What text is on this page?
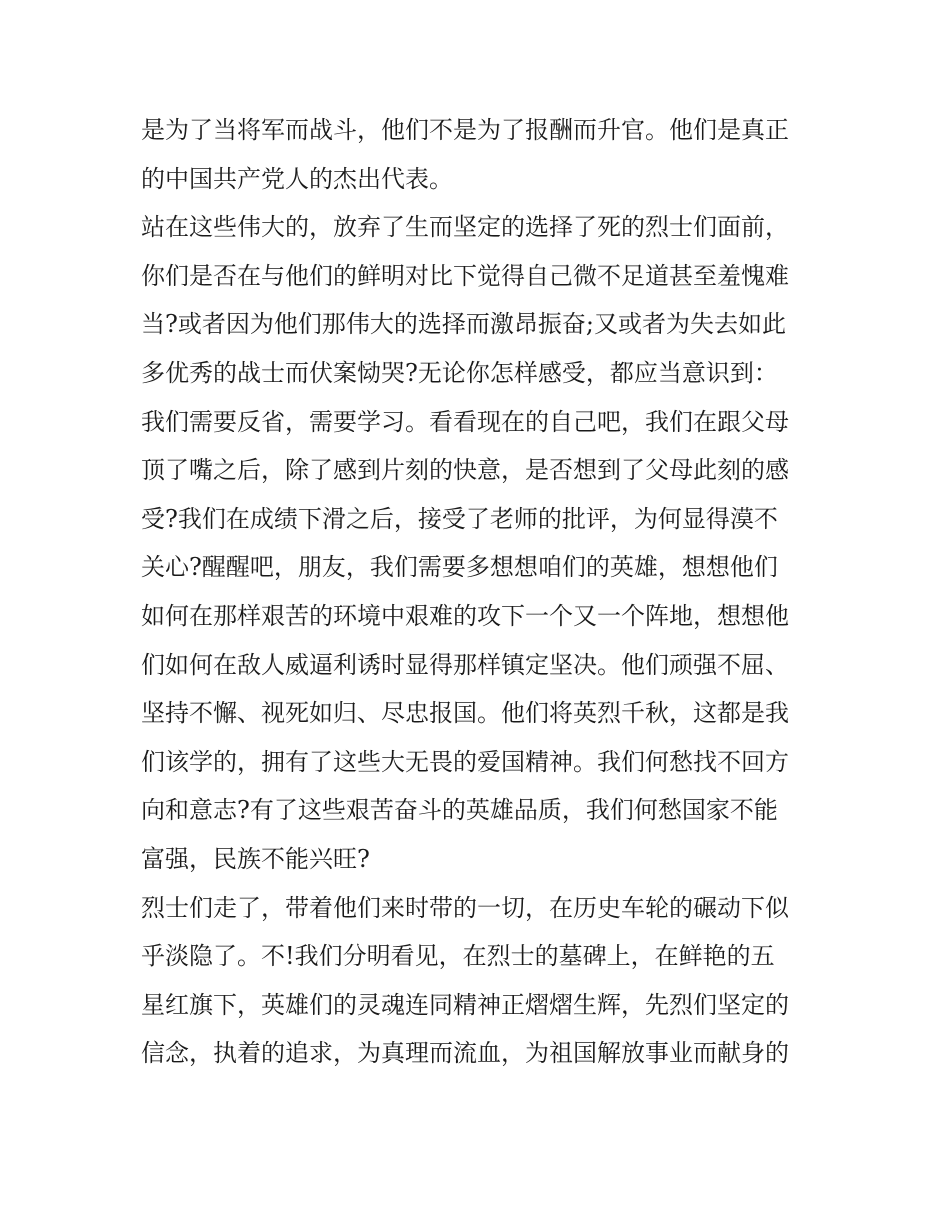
是为了当将军而战斗，他们不是为了报酬而升官。他们是真正
的中国共产党人的杰出代表。
站在这些伟大的，放弃了生而坚定的选择了死的烈士们面前，
你们是否在与他们的鲜明对比下觉得自己微不足道甚至羞愧难
当?或者因为他们那伟大的选择而激昂振奋;又或者为失去如此
多优秀的战士而伏案恸哭?无论你怎样感受，都应当意识到：
我们需要反省，需要学习。看看现在的自己吧，我们在跟父母
顶了嘴之后，除了感到片刻的快意，是否想到了父母此刻的感
受?我们在成绩下滑之后，接受了老师的批评，为何显得漠不
关心?醒醒吧，朋友，我们需要多想想咱们的英雄，想想他们
如何在那样艰苦的环境中艰难的攻下一个又一个阵地，想想他
们如何在敌人威逼利诱时显得那样镇定坚决。他们顽强不屈、
坚持不懈、视死如归、尽忠报国。他们将英烈千秋，这都是我
们该学的，拥有了这些大无畏的爱国精神。我们何愁找不回方
向和意志?有了这些艰苦奋斗的英雄品质，我们何愁国家不能
富强，民族不能兴旺?
烈士们走了，带着他们来时带的一切，在历史车轮的碾动下似
乎淡隐了。不!我们分明看见，在烈士的墓碑上，在鲜艳的五
星红旗下，英雄们的灵魂连同精神正熠熠生辉，先烈们坚定的
信念，执着的追求，为真理而流血，为祖国解放事业而献身的
